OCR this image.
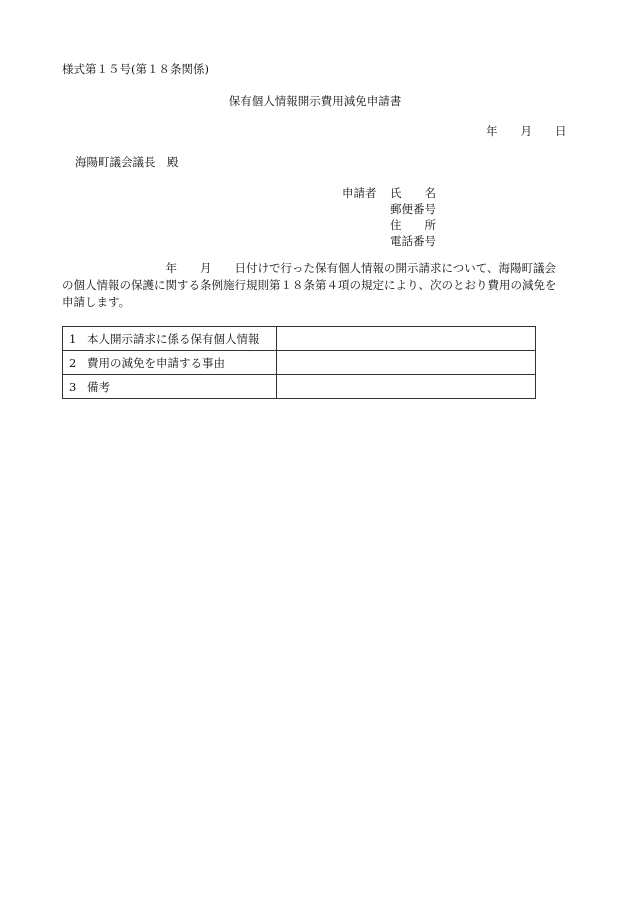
様式第１５号(第１８条関係)
保有個人情報開示費用減免申請書
年　　月　　日
海陽町議会議長　殿
申請者	氏　　名
郵便番号
住　　所
電話番号
　　　　　　　　　年　　月　　日付けで行った保有個人情報の開示請求について、海陽町議会
の個人情報の保護に関する条例施行規則第１８条第４項の規定により、次のとおり費用の減免を
申請します。
1 本人開示請求に係る保有個人情報	
2 費用の減免を申請する事由	
3 備考	
